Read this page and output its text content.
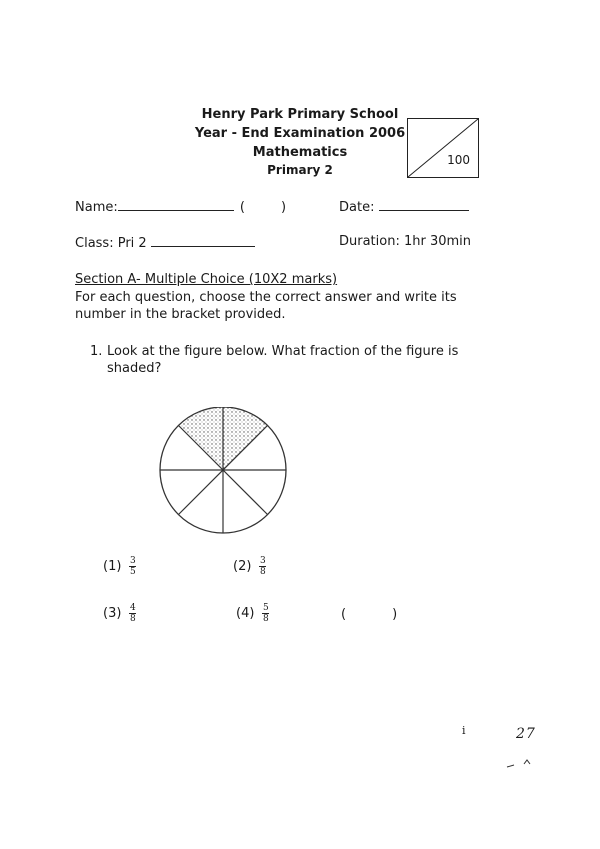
Henry Park Primary School
Year - End Examination 2006
Mathematics
Primary 2
100
Name:	(	)	Date:
Class: Pri 2	Duration: 1hr 30min
Section A- Multiple Choice (10X2 marks)
For each question, choose the correct answer and write its
number in the bracket provided.
1. Look at the figure below. What fraction of the figure is
shaded?
$(1) \frac{3}{5}$	$(2) \frac{3}{8}$
$(3) \frac{4}{8}$	$(4) \frac{5}{8}$	(	)
i	27
